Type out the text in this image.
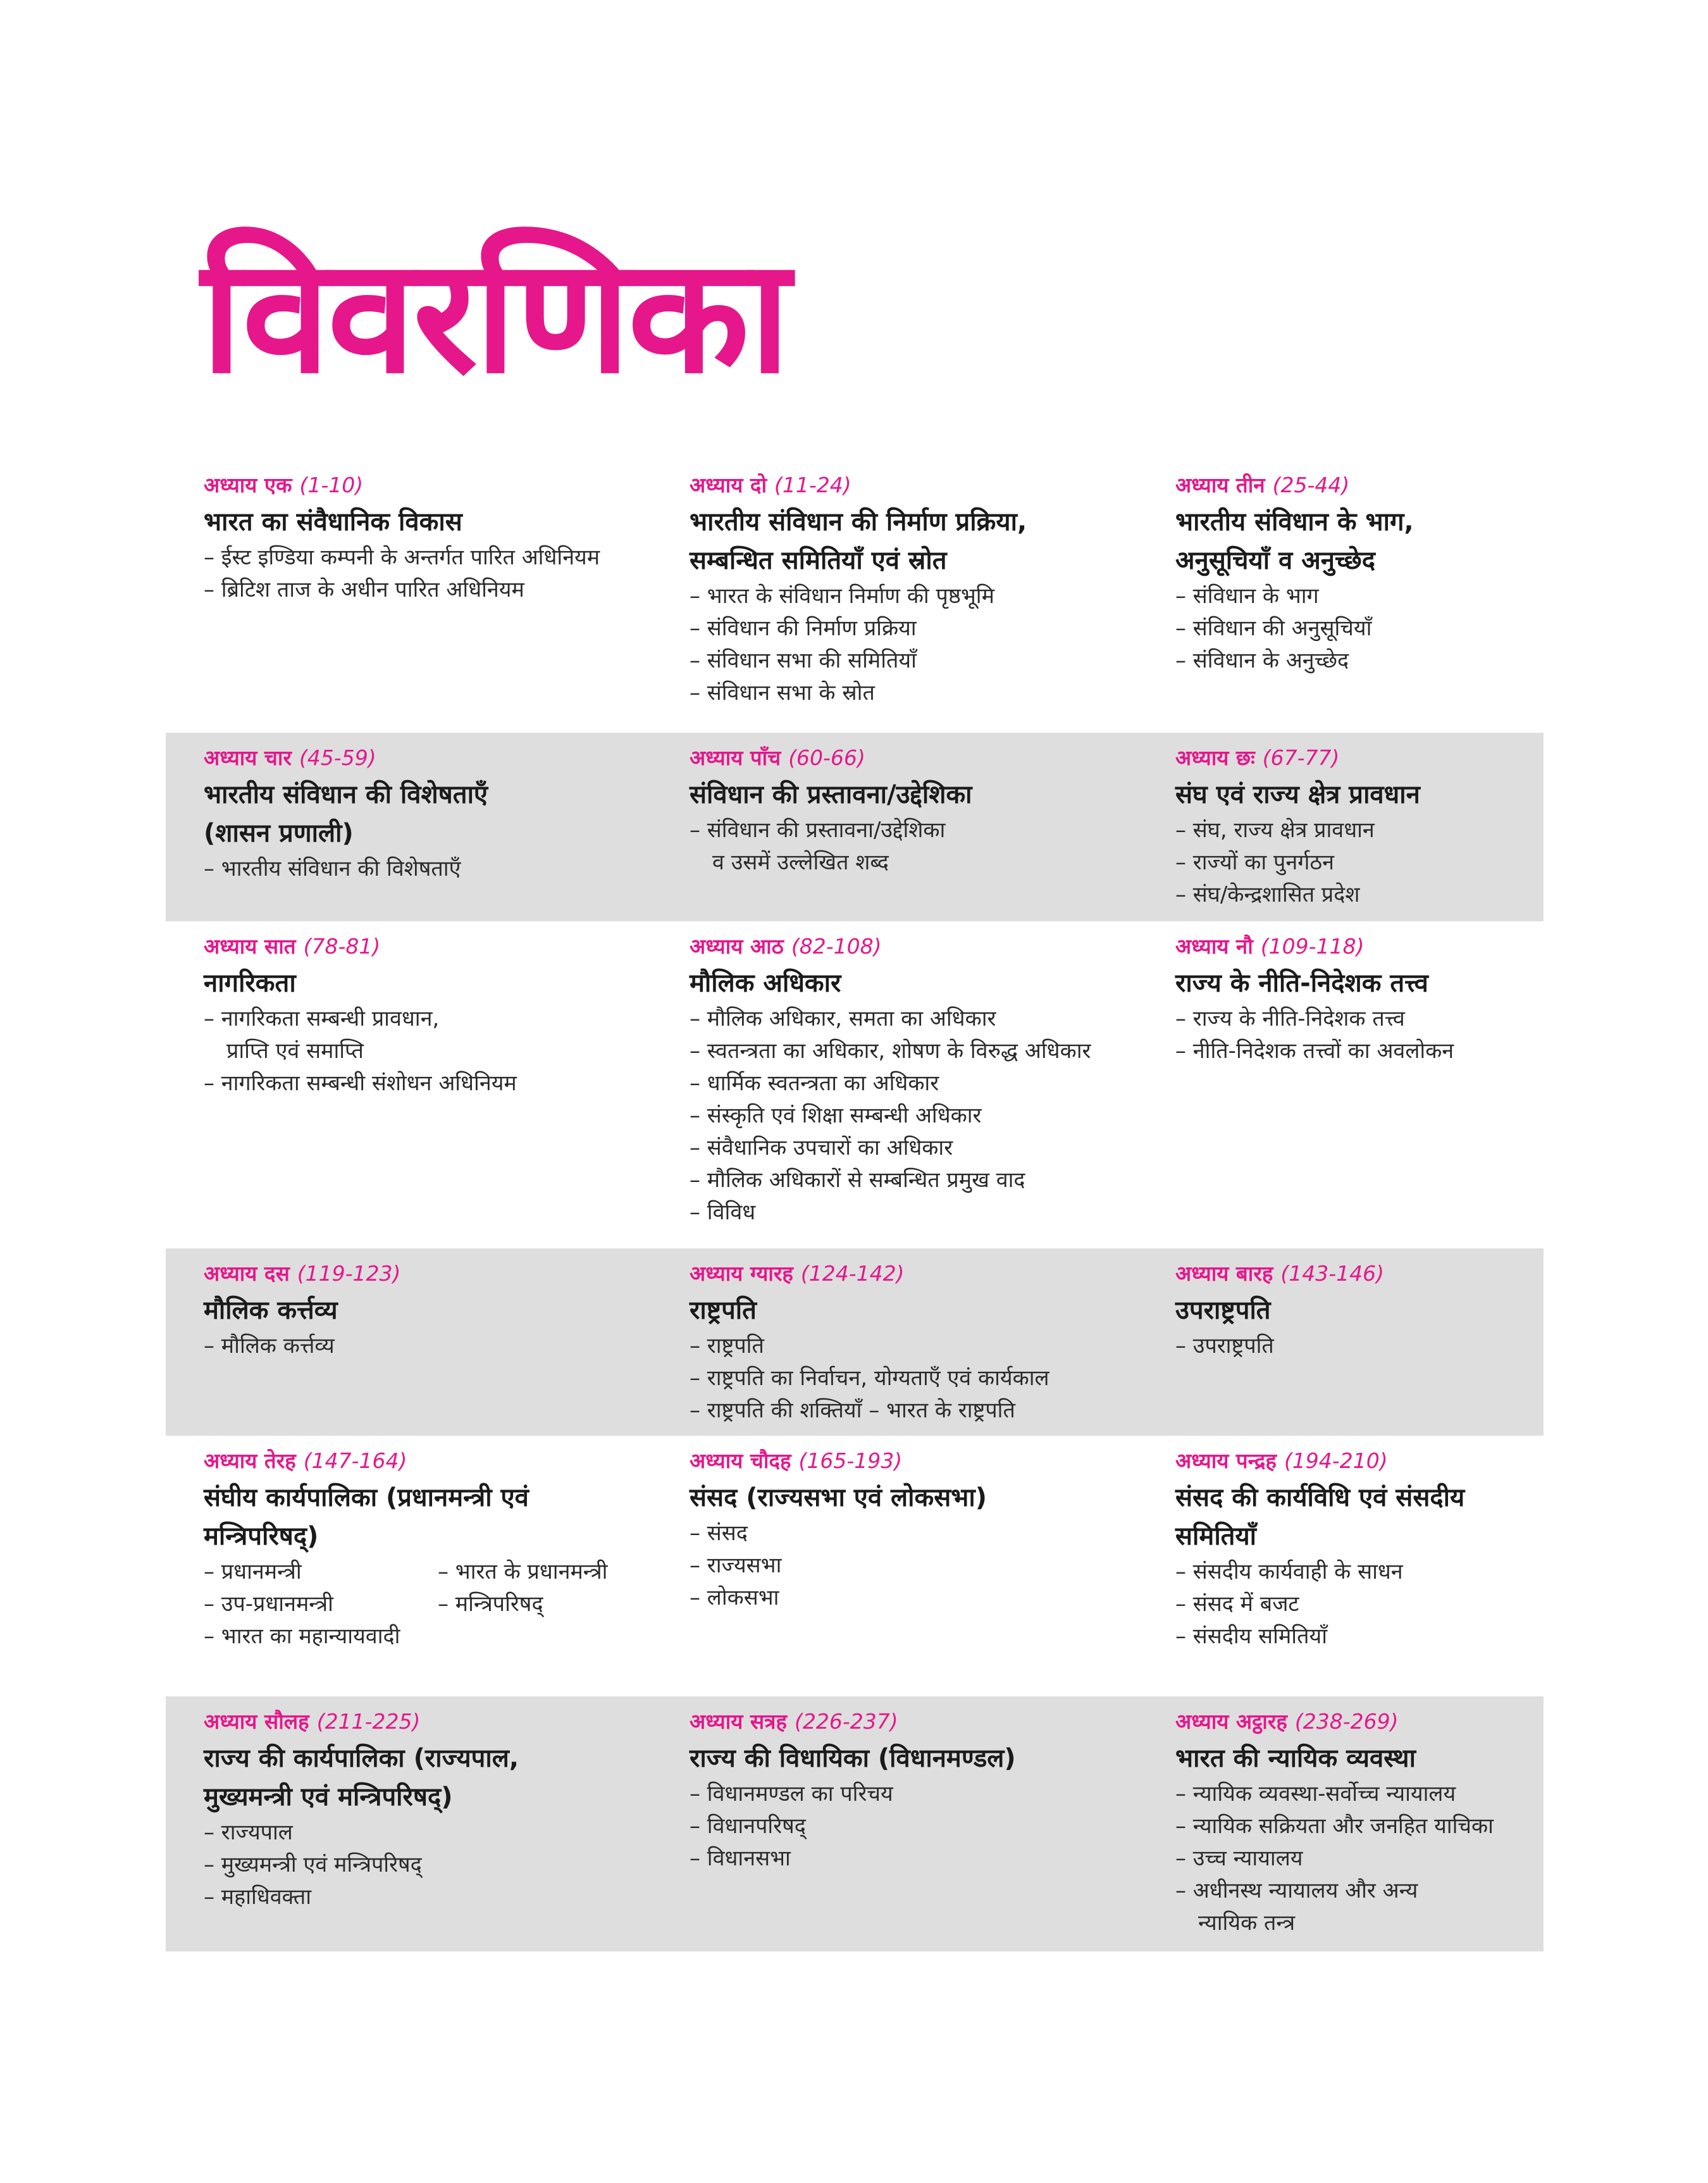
विवरणिका
अध्याय एक (1-10)
भारत का संवैधानिक विकास
– ईस्ट इण्डिया कम्पनी के अन्तर्गत पारित अधिनियम
– ब्रिटिश ताज के अधीन पारित अधिनियम
अध्याय दो (11-24)
भारतीय संविधान की निर्माण प्रक्रिया, सम्बन्धित समितियाँ एवं स्रोत
– भारत के संविधान निर्माण की पृष्ठभूमि
– संविधान की निर्माण प्रक्रिया
– संविधान सभा की समितियाँ
– संविधान सभा के स्रोत
अध्याय तीन (25-44)
भारतीय संविधान के भाग, अनुसूचियाँ व अनुच्छेद
– संविधान के भाग
– संविधान की अनुसूचियाँ
– संविधान के अनुच्छेद
अध्याय चार (45-59)
भारतीय संविधान की विशेषताएँ (शासन प्रणाली)
– भारतीय संविधान की विशेषताएँ
अध्याय पाँच (60-66)
संविधान की प्रस्तावना/उद्देशिका
– संविधान की प्रस्तावना/उद्देशिका
व उसमें उल्लेखित शब्द
अध्याय छः (67-77)
संघ एवं राज्य क्षेत्र प्रावधान
– संघ, राज्य क्षेत्र प्रावधान
– राज्यों का पुनर्गठन
– संघ/केन्द्रशासित प्रदेश
अध्याय सात (78-81)
नागरिकता
– नागरिकता सम्बन्धी प्रावधान,
प्राप्ति एवं समाप्ति
– नागरिकता सम्बन्धी संशोधन अधिनियम
अध्याय आठ (82-108)
मौलिक अधिकार
– मौलिक अधिकार, समता का अधिकार
– स्वतन्त्रता का अधिकार, शोषण के विरुद्ध अधिकार
– धार्मिक स्वतन्त्रता का अधिकार
– संस्कृति एवं शिक्षा सम्बन्धी अधिकार
– संवैधानिक उपचारों का अधिकार
– मौलिक अधिकारों से सम्बन्धित प्रमुख वाद
– विविध
अध्याय नौ (109-118)
राज्य के नीति-निदेशक तत्त्व
– राज्य के नीति-निदेशक तत्त्व
– नीति-निदेशक तत्त्वों का अवलोकन
अध्याय दस (119-123)
मौलिक कर्त्तव्य
– मौलिक कर्त्तव्य
अध्याय ग्यारह (124-142)
राष्ट्रपति
– राष्ट्रपति
– राष्ट्रपति का निर्वाचन, योग्यताएँ एवं कार्यकाल
– राष्ट्रपति की शक्तियाँ – भारत के राष्ट्रपति
अध्याय बारह (143-146)
उपराष्ट्रपति
– उपराष्ट्रपति
अध्याय तेरह (147-164)
संघीय कार्यपालिका (प्रधानमन्त्री एवं मन्त्रिपरिषद्)
– प्रधानमन्त्री	– भारत के प्रधानमन्त्री
– उप-प्रधानमन्त्री	– मन्त्रिपरिषद्
– भारत का महान्यायवादी
अध्याय चौदह (165-193)
संसद (राज्यसभा एवं लोकसभा)
– संसद
– राज्यसभा
– लोकसभा
अध्याय पन्द्रह (194-210)
संसद की कार्यविधि एवं संसदीय समितियाँ
– संसदीय कार्यवाही के साधन
– संसद में बजट
– संसदीय समितियाँ
अध्याय सौलह (211-225)
राज्य की कार्यपालिका (राज्यपाल, मुख्यमन्त्री एवं मन्त्रिपरिषद्)
– राज्यपाल
– मुख्यमन्त्री एवं मन्त्रिपरिषद्
– महाधिवक्ता
अध्याय सत्रह (226-237)
राज्य की विधायिका (विधानमण्डल)
– विधानमण्डल का परिचय
– विधानपरिषद्
– विधानसभा
अध्याय अट्ठारह (238-269)
भारत की न्यायिक व्यवस्था
– न्यायिक व्यवस्था-सर्वोच्च न्यायालय
– न्यायिक सक्रियता और जनहित याचिका
– उच्च न्यायालय
– अधीनस्थ न्यायालय और अन्य
न्यायिक तन्त्र
